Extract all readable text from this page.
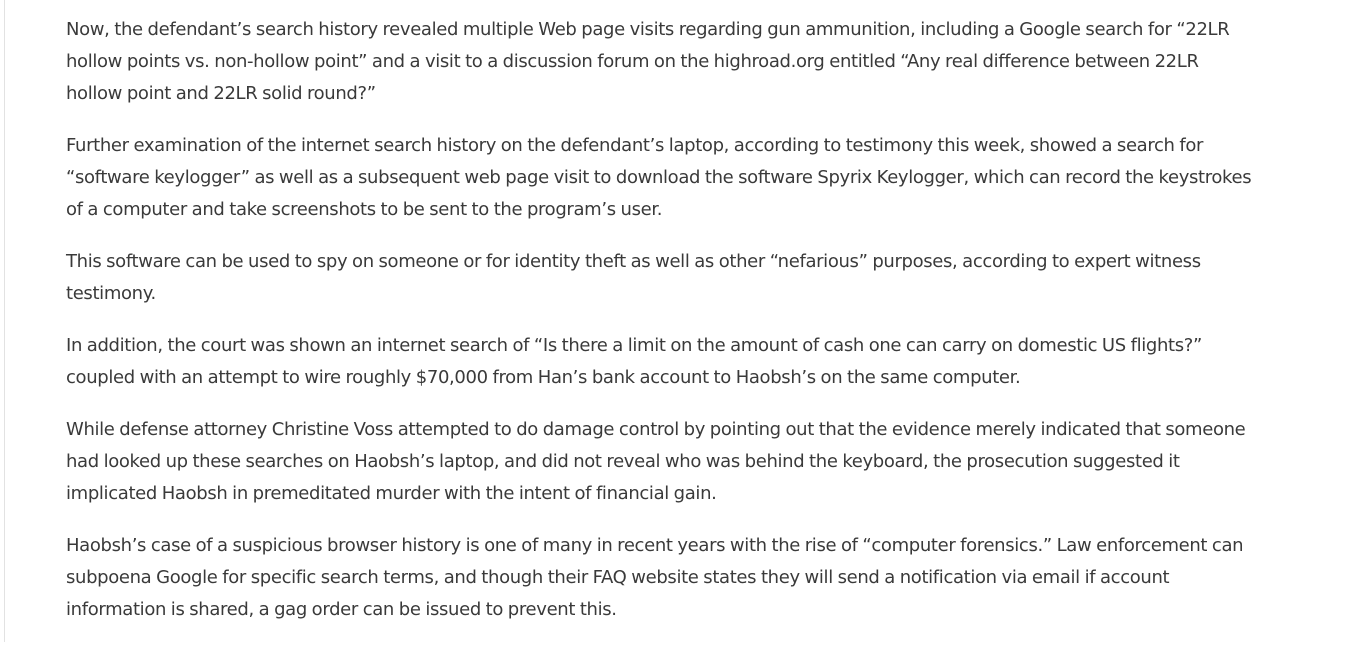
Now, the defendant’s search history revealed multiple Web page visits regarding gun ammunition, including a Google search for “22LR hollow points vs. non-hollow point” and a visit to a discussion forum on the highroad.org entitled “Any real difference between 22LR hollow point and 22LR solid round?”

Further examination of the internet search history on the defendant’s laptop, according to testimony this week, showed a search for “software keylogger” as well as a subsequent web page visit to download the software Spyrix Keylogger, which can record the keystrokes of a computer and take screenshots to be sent to the program’s user.

This software can be used to spy on someone or for identity theft as well as other “nefarious” purposes, according to expert witness testimony.

In addition, the court was shown an internet search of “Is there a limit on the amount of cash one can carry on domestic US flights?” coupled with an attempt to wire roughly $70,000 from Han’s bank account to Haobsh’s on the same computer.

While defense attorney Christine Voss attempted to do damage control by pointing out that the evidence merely indicated that someone had looked up these searches on Haobsh’s laptop, and did not reveal who was behind the keyboard, the prosecution suggested it implicated Haobsh in premeditated murder with the intent of financial gain.

Haobsh’s case of a suspicious browser history is one of many in recent years with the rise of “computer forensics.” Law enforcement can subpoena Google for specific search terms, and though their FAQ website states they will send a notification via email if account information is shared, a gag order can be issued to prevent this.
